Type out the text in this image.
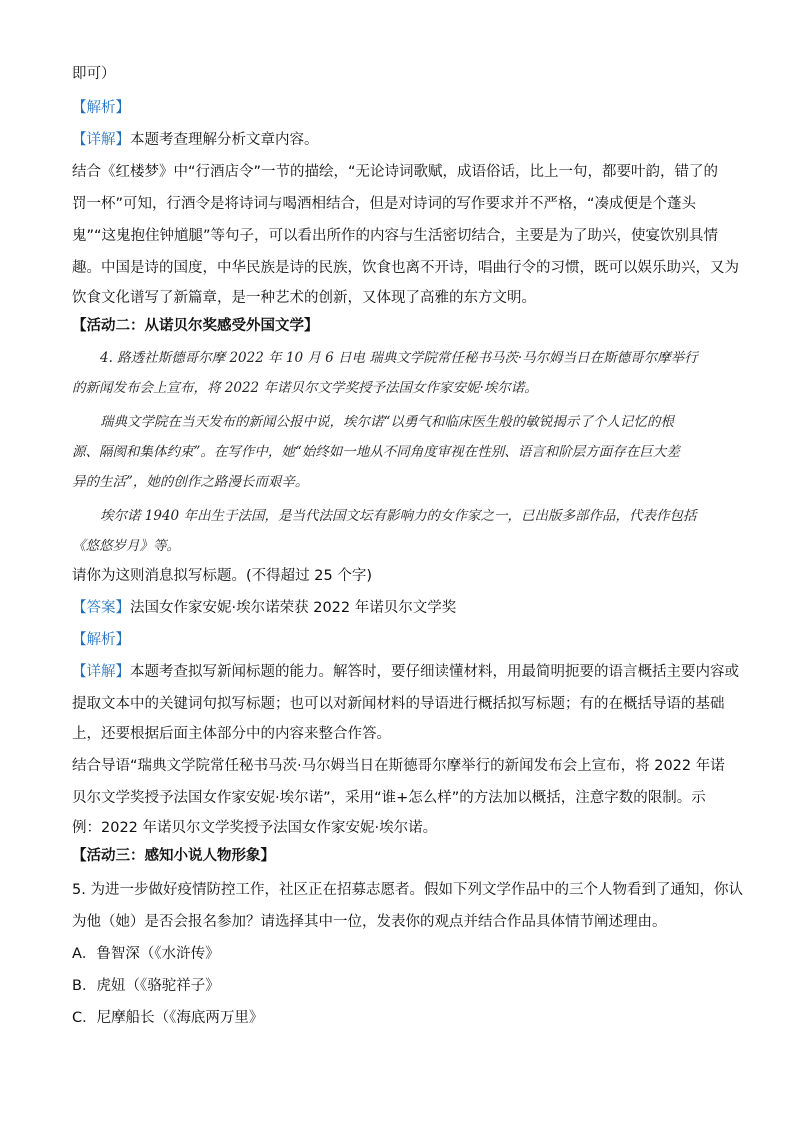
即可）
【解析】
【详解】本题考查理解分析文章内容。
结合《红楼梦》中“行酒店令”一节的描绘，“无论诗词歌赋，成语俗话，比上一句，都要叶韵，错了的
罚一杯”可知，行酒令是将诗词与喝酒相结合，但是对诗词的写作要求并不严格，“凑成便是个蓬头
鬼”“这鬼抱住钟馗腿”等句子，可以看出所作的内容与生活密切结合，主要是为了助兴，使宴饮别具情
趣。中国是诗的国度，中华民族是诗的民族，饮食也离不开诗，唱曲行令的习惯，既可以娱乐助兴，又为
饮食文化谱写了新篇章，是一种艺术的创新，又体现了高雅的东方文明。
【活动二：从诺贝尔奖感受外国文学】
4. 路透社斯德哥尔摩 2022 年 10 月 6 日电 瑞典文学院常任秘书马茨·马尔姆当日在斯德哥尔摩举行
的新闻发布会上宣布，将 2022 年诺贝尔文学奖授予法国女作家安妮·埃尔诺。
瑞典文学院在当天发布的新闻公报中说，埃尔诺“以勇气和临床医生般的敏锐揭示了个人记忆的根
源、隔阂和集体约束”。在写作中，她“始终如一地从不同角度审视在性别、语言和阶层方面存在巨大差
异的生活”，她的创作之路漫长而艰辛。
埃尔诺 1940 年出生于法国，是当代法国文坛有影响力的女作家之一，已出版多部作品，代表作包括
《悠悠岁月》等。
请你为这则消息拟写标题。(不得超过 25 个字)
【答案】法国女作家安妮·埃尔诺荣获 2022 年诺贝尔文学奖
【解析】
【详解】本题考查拟写新闻标题的能力。解答时，要仔细读懂材料，用最简明扼要的语言概括主要内容或
提取文本中的关键词句拟写标题；也可以对新闻材料的导语进行概括拟写标题；有的在概括导语的基础
上，还要根据后面主体部分中的内容来整合作答。
结合导语“瑞典文学院常任秘书马茨·马尔姆当日在斯德哥尔摩举行的新闻发布会上宣布，将 2022 年诺
贝尔文学奖授予法国女作家安妮·埃尔诺”，采用“谁+怎么样”的方法加以概括，注意字数的限制。示
例：2022 年诺贝尔文学奖授予法国女作家安妮·埃尔诺。
【活动三：感知小说人物形象】
5. 为进一步做好疫情防控工作，社区正在招募志愿者。假如下列文学作品中的三个人物看到了通知，你认
为他（她）是否会报名参加？请选择其中一位，发表你的观点并结合作品具体情节阐述理由。
A．鲁智深（《水浒传》
B．虎妞（《骆驼祥子》
C．尼摩船长（《海底两万里》
